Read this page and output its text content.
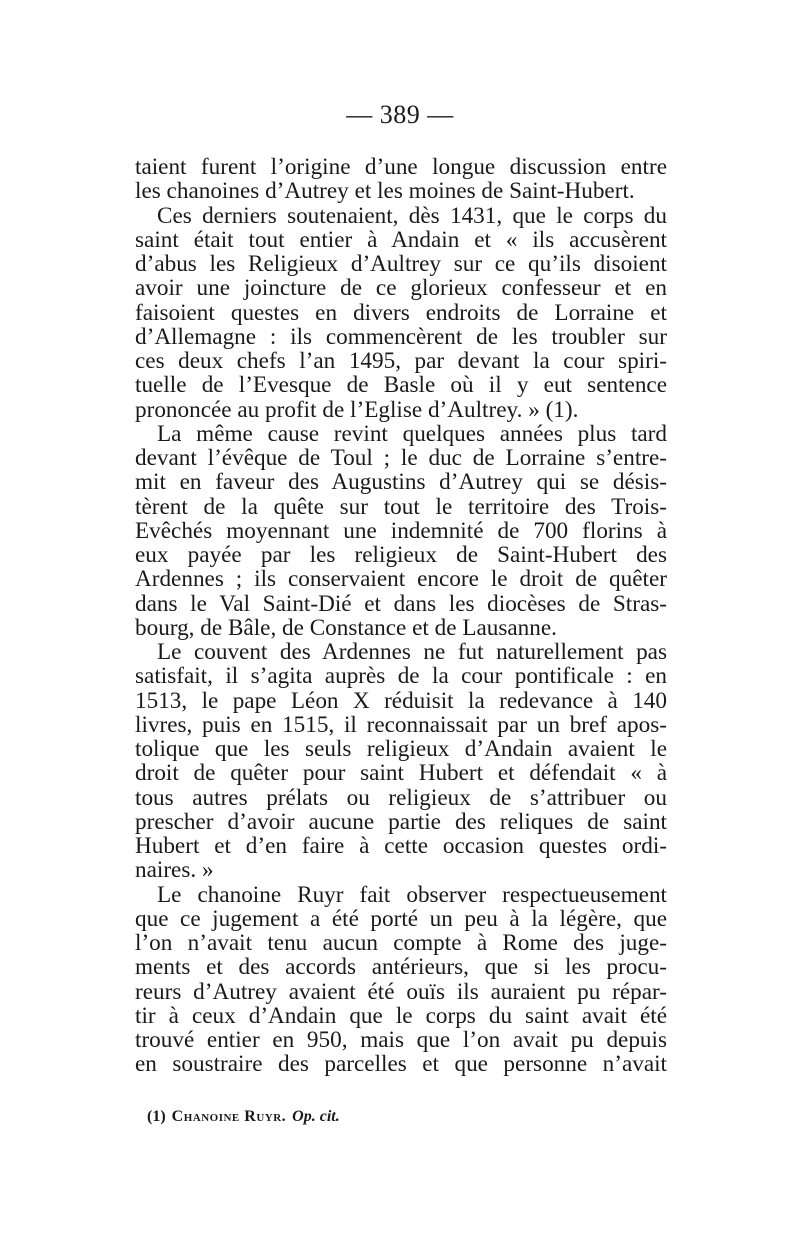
— 389 —
taient furent l’origine d’une longue discussion entre
les chanoines d’Autrey et les moines de Saint-Hubert.
Ces derniers soutenaient, dès 1431, que le corps du
saint était tout entier à Andain et « ils accusèrent
d’abus les Religieux d’Aultrey sur ce qu’ils disoient
avoir une joincture de ce glorieux confesseur et en
faisoient questes en divers endroits de Lorraine et
d’Allemagne : ils commencèrent de les troubler sur
ces deux chefs l’an 1495, par devant la cour spiri-
tuelle de l’Evesque de Basle où il y eut sentence
prononcée au profit de l’Eglise d’Aultrey. » (1).
La même cause revint quelques années plus tard
devant l’évêque de Toul ; le duc de Lorraine s’entre-
mit en faveur des Augustins d’Autrey qui se désis-
tèrent de la quête sur tout le territoire des Trois-
Evêchés moyennant une indemnité de 700 florins à
eux payée par les religieux de Saint-Hubert des
Ardennes ; ils conservaient encore le droit de quêter
dans le Val Saint-Dié et dans les diocèses de Stras-
bourg, de Bâle, de Constance et de Lausanne.
Le couvent des Ardennes ne fut naturellement pas
satisfait, il s’agita auprès de la cour pontificale : en
1513, le pape Léon X réduisit la redevance à 140
livres, puis en 1515, il reconnaissait par un bref apos-
tolique que les seuls religieux d’Andain avaient le
droit de quêter pour saint Hubert et défendait « à
tous autres prélats ou religieux de s’attribuer ou
prescher d’avoir aucune partie des reliques de saint
Hubert et d’en faire à cette occasion questes ordi-
naires. »
Le chanoine Ruyr fait observer respectueusement
que ce jugement a été porté un peu à la légère, que
l’on n’avait tenu aucun compte à Rome des juge-
ments et des accords antérieurs, que si les procu-
reurs d’Autrey avaient été ouïs ils auraient pu répar-
tir à ceux d’Andain que le corps du saint avait été
trouvé entier en 950, mais que l’on avait pu depuis
en soustraire des parcelles et que personne n’avait
(1) Chanoine Ruyr. Op. cit.
